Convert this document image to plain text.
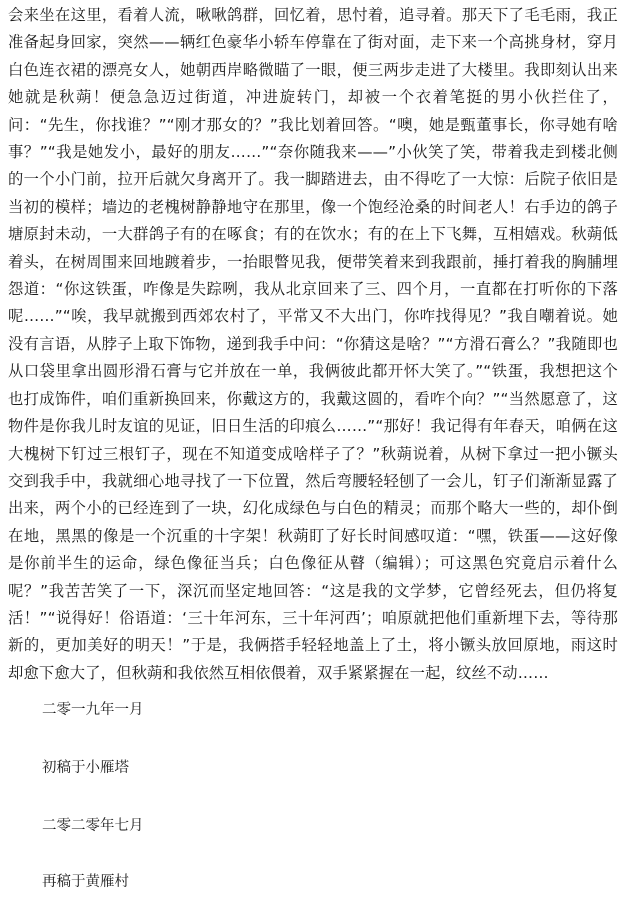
会来坐在这里，看着人流，啾啾鸽群，回忆着，思忖着，追寻着。那天下了毛毛雨，我正准备起身回家，突然——辆红色豪华小轿车停靠在了街对面，走下来一个高挑身材，穿月白色连衣裙的漂亮女人，她朝西岸略微瞄了一眼，便三两步走进了大楼里。我即刻认出来她就是秋蒴！便急急迈过街道，冲进旋转门，却被一个衣着笔挺的男小伙拦住了，问：“先生，你找谁？”“刚才那女的？”我比划着回答。“噢，她是甄董事长，你寻她有啥事？”“我是她发小，最好的朋友……”“奈你随我来——”小伙笑了笑，带着我走到楼北侧的一个小门前，拉开后就欠身离开了。我一脚踏进去，由不得吃了一大惊：后院子依旧是当初的模样；墙边的老槐树静静地守在那里，像一个饱经沧桑的时间老人！右手边的鸽子塘原封未动，一大群鸽子有的在啄食；有的在饮水；有的在上下飞舞，互相嬉戏。秋蒴低着头，在树周围来回地踱着步，一抬眼瞥见我，便带笑着来到我跟前，捶打着我的胸脯埋怨道：“你这铁蛋，咋像是失踪咧，我从北京回来了三、四个月，一直都在打听你的下落呢……”“唉，我早就搬到西郊农村了，平常又不大出门，你咋找得见？”我自嘲着说。她没有言语，从脖子上取下饰物，递到我手中问：“你猜这是啥？”“方滑石膏么？”我随即也从口袋里拿出圆形滑石膏与它并放在一单，我俩彼此都开怀大笑了。”“铁蛋，我想把这个也打成饰件，咱们重新换回来，你戴这方的，我戴这圆的，看咋个向？”“当然愿意了，这物件是你我儿时友谊的见证，旧日生活的印痕么……”“那好！我记得有年春天，咱俩在这大槐树下钉过三根钉子，现在不知道变成啥样子了？”秋蒴说着，从树下拿过一把小镢头交到我手中，我就细心地寻找了一下位置，然后弯腰轻轻刨了一会儿，钉子们渐渐显露了出来，两个小的已经连到了一块，幻化成绿色与白色的精灵；而那个略大一些的，却仆倒在地，黑黑的像是一个沉重的十字架！秋蒴盯了好长时间感叹道：“嘿，铁蛋——这好像是你前半生的运命，绿色像征当兵；白色像征从瞽（编辑）；可这黑色究竟启示着什么呢？”我苦苦笑了一下，深沉而坚定地回答：“这是我的文学梦，它曾经死去，但仍将复活！”“说得好！俗语道：‘三十年河东，三十年河西’；咱原就把他们重新埋下去，等待那新的，更加美好的明天！”于是，我俩搭手轻轻地盖上了土，将小镢头放回原地，雨这时却愈下愈大了，但秋蒴和我依然互相依偎着，双手紧紧握在一起，纹丝不动……

二零一九年一月

初稿于小雁塔

二零二零年七月

再稿于黄雁村
